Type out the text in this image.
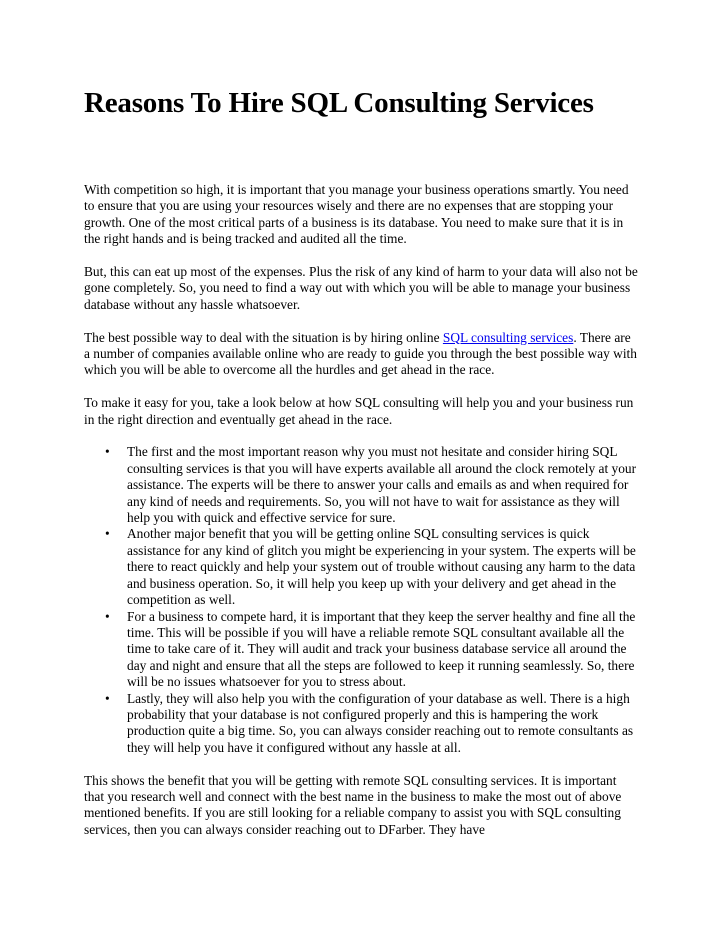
Reasons To Hire SQL Consulting Services

With competition so high, it is important that you manage your business operations smartly. You need to ensure that you are using your resources wisely and there are no expenses that are stopping your growth. One of the most critical parts of a business is its database. You need to make sure that it is in the right hands and is being tracked and audited all the time.

But, this can eat up most of the expenses. Plus the risk of any kind of harm to your data will also not be gone completely. So, you need to find a way out with which you will be able to manage your business database without any hassle whatsoever.

The best possible way to deal with the situation is by hiring online SQL consulting services. There are a number of companies available online who are ready to guide you through the best possible way with which you will be able to overcome all the hurdles and get ahead in the race.

To make it easy for you, take a look below at how SQL consulting will help you and your business run in the right direction and eventually get ahead in the race.

• The first and the most important reason why you must not hesitate and consider hiring SQL consulting services is that you will have experts available all around the clock remotely at your assistance. The experts will be there to answer your calls and emails as and when required for any kind of needs and requirements. So, you will not have to wait for assistance as they will help you with quick and effective service for sure.
• Another major benefit that you will be getting online SQL consulting services is quick assistance for any kind of glitch you might be experiencing in your system. The experts will be there to react quickly and help your system out of trouble without causing any harm to the data and business operation. So, it will help you keep up with your delivery and get ahead in the competition as well.
• For a business to compete hard, it is important that they keep the server healthy and fine all the time. This will be possible if you will have a reliable remote SQL consultant available all the time to take care of it. They will audit and track your business database service all around the day and night and ensure that all the steps are followed to keep it running seamlessly. So, there will be no issues whatsoever for you to stress about.
• Lastly, they will also help you with the configuration of your database as well. There is a high probability that your database is not configured properly and this is hampering the work production quite a big time. So, you can always consider reaching out to remote consultants as they will help you have it configured without any hassle at all.

This shows the benefit that you will be getting with remote SQL consulting services. It is important that you research well and connect with the best name in the business to make the most out of above mentioned benefits. If you are still looking for a reliable company to assist you with SQL consulting services, then you can always consider reaching out to DFarber. They have
